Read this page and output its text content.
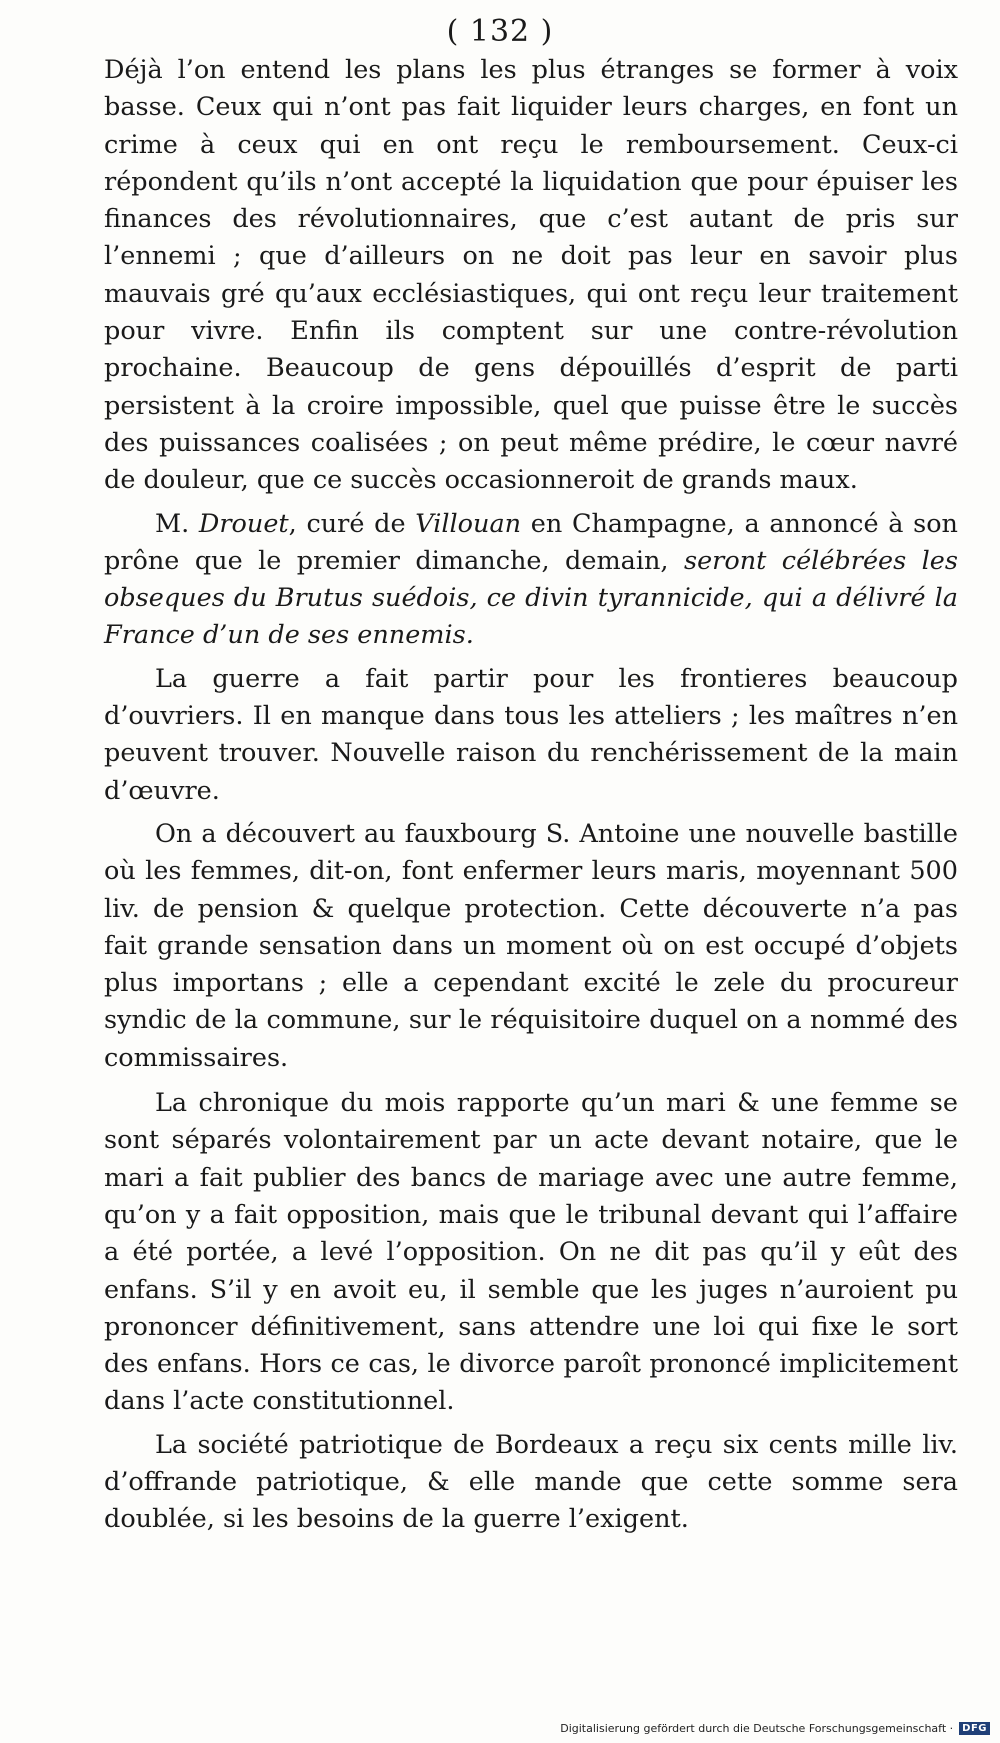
( 132 )

Déjà l’on entend les plans les plus étranges se former à voix basse. Ceux qui n’ont pas fait liquider leurs charges, en font un crime à ceux qui en ont reçu le remboursement. Ceux-ci répondent qu’ils n’ont accepté la liquidation que pour épuiser les finances des révolutionnaires, que c’est autant de pris sur l’ennemi ; que d’ailleurs on ne doit pas leur en savoir plus mauvais gré qu’aux ecclésiastiques, qui ont reçu leur traitement pour vivre. Enfin ils comptent sur une contre-révolution prochaine. Beaucoup de gens dépouillés d’esprit de parti persistent à la croire impossible, quel que puisse être le succès des puissances coalisées ; on peut même prédire, le cœur navré de douleur, que ce succès occasionneroit de grands maux.

M. Drouet, curé de Villouan en Champagne, a annoncé à son prône que le premier dimanche, demain, seront célébrées les obseques du Brutus suédois, ce divin tyrannicide, qui a délivré la France d’un de ses ennemis.

La guerre a fait partir pour les frontieres beaucoup d’ouvriers. Il en manque dans tous les atteliers ; les maîtres n’en peuvent trouver. Nouvelle raison du renchérissement de la main d’œuvre.

On a découvert au fauxbourg S. Antoine une nouvelle bastille où les femmes, dit-on, font enfermer leurs maris, moyennant 500 liv. de pension & quelque protection. Cette découverte n’a pas fait grande sensation dans un moment où on est occupé d’objets plus importans ; elle a cependant excité le zele du procureur syndic de la commune, sur le réquisitoire duquel on a nommé des commissaires.

La chronique du mois rapporte qu’un mari & une femme se sont séparés volontairement par un acte devant notaire, que le mari a fait publier des bancs de mariage avec une autre femme, qu’on y a fait opposition, mais que le tribunal devant qui l’affaire a été portée, a levé l’opposition. On ne dit pas qu’il y eût des enfans. S’il y en avoit eu, il semble que les juges n’auroient pu prononcer définitivement, sans attendre une loi qui fixe le sort des enfans. Hors ce cas, le divorce paroît prononcé implicitement dans l’acte constitutionnel.

La société patriotique de Bordeaux a reçu six cents mille liv. d’offrande patriotique, & elle mande que cette somme sera doublée, si les besoins de la guerre l’exigent.

Digitalisierung gefördert durch die Deutsche Forschungsgemeinschaft · DFG
